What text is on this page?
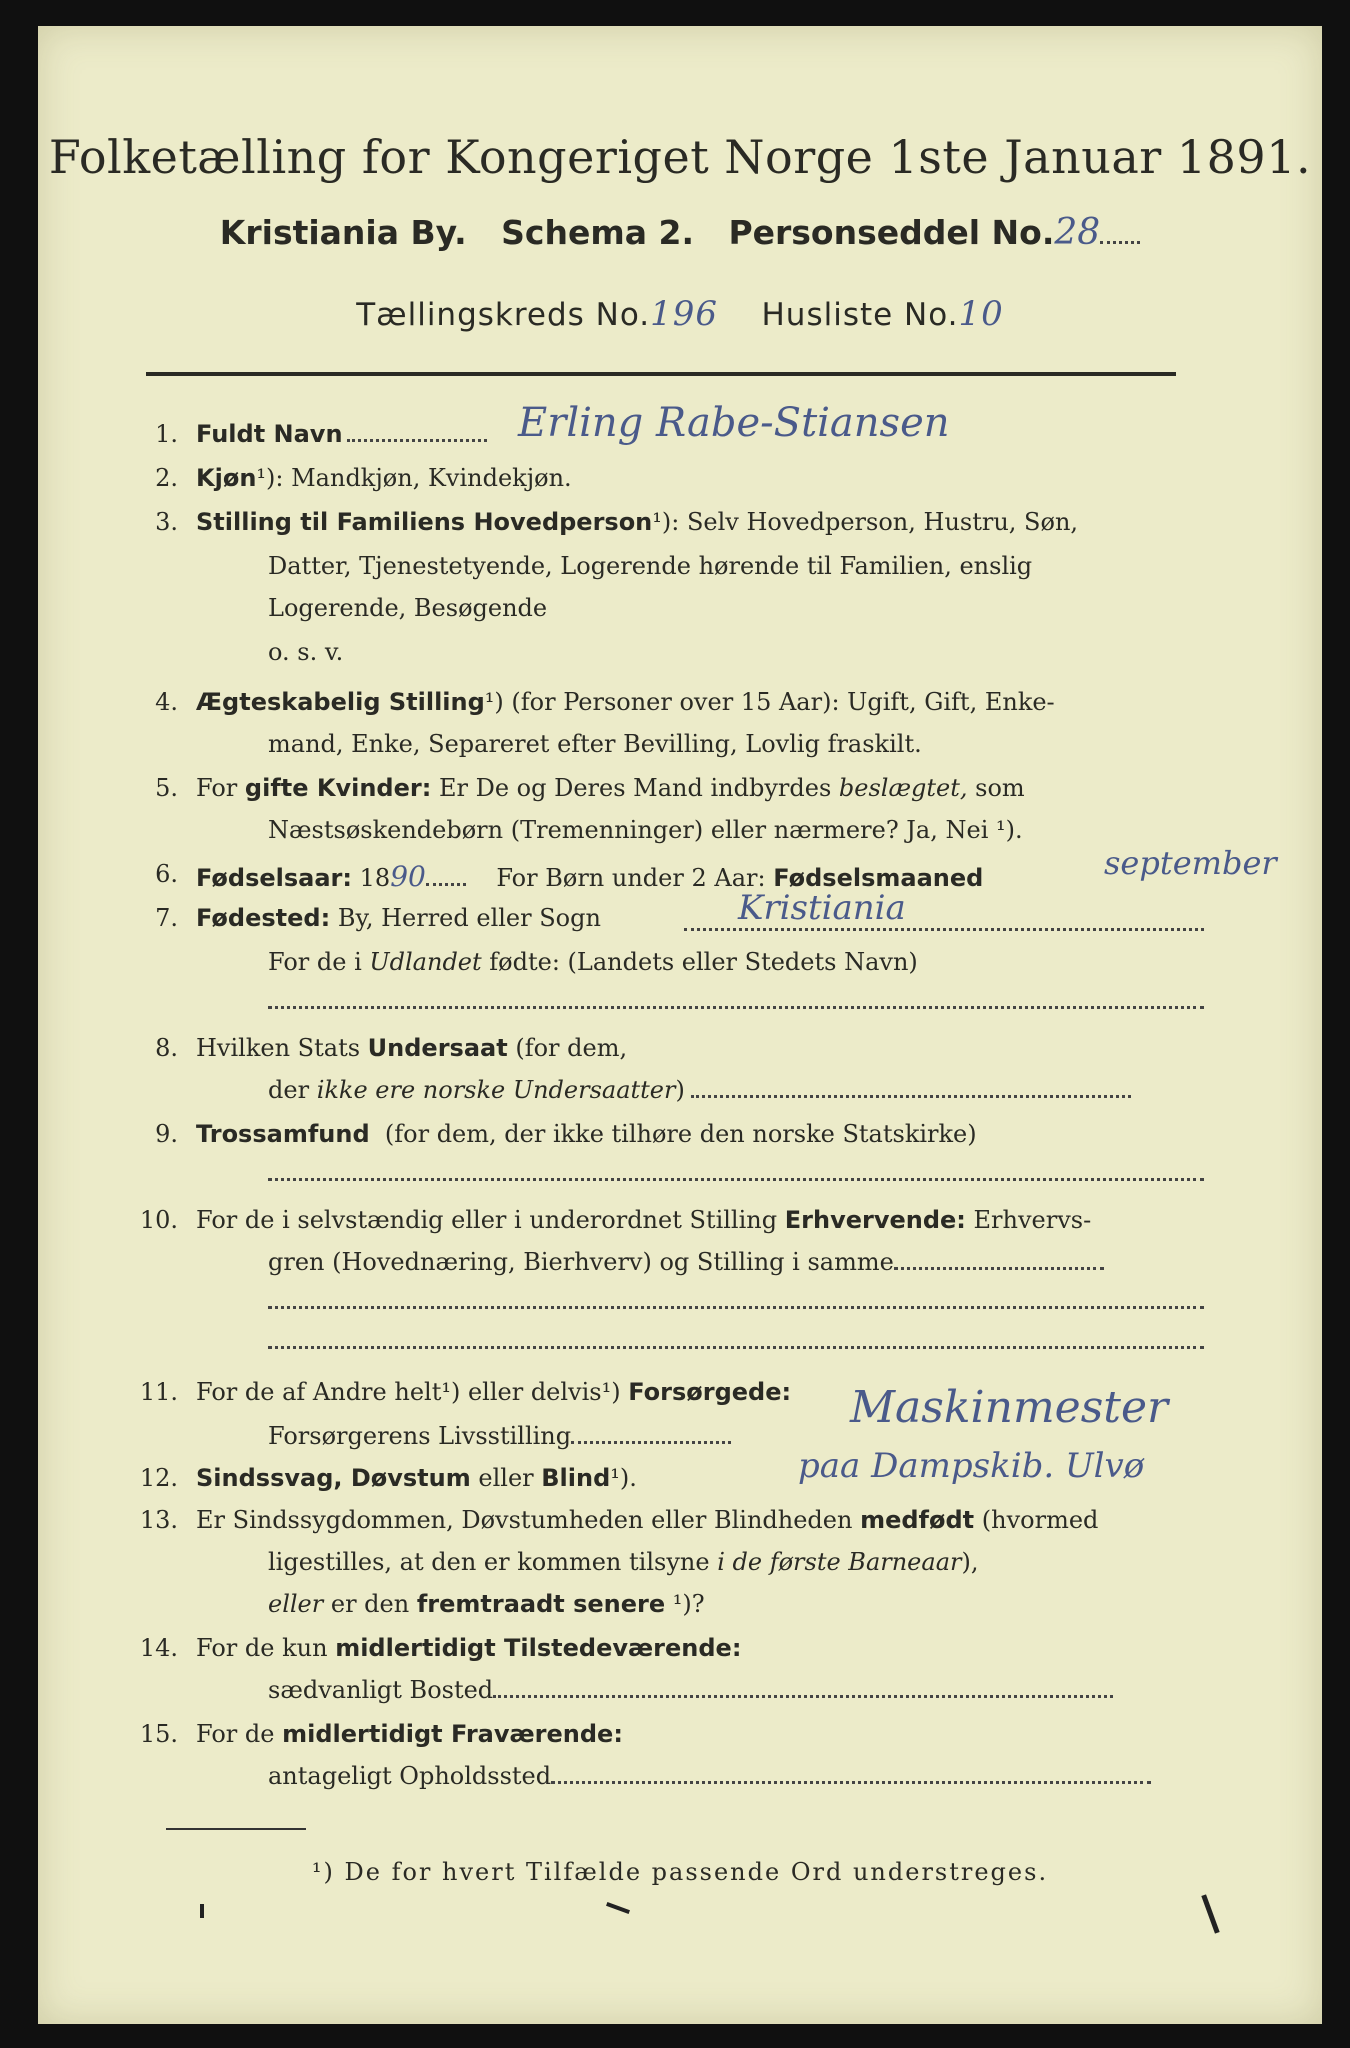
Folketælling for Kongeriget Norge 1ste Januar 1891.
Kristiania By. Schema 2. Personseddel No.28
Tællingskreds No.196 Husliste No.10
1. Fuldt Navn	Erling Rabe-Stiansen
2. Kjøn¹): Mandkjøn, Kvindekjøn.
3. Stilling til Familiens Hovedperson¹): Selv Hovedperson, Hustru, Søn,
Datter, Tjenestetyende, Logerende hørende til Familien, enslig
Logerende, Besøgende
o. s. v.
4. Ægteskabelig Stilling¹) (for Personer over 15 Aar): Ugift, Gift, Enke-
mand, Enke, Separeret efter Bevilling, Lovlig fraskilt.
5. For gifte Kvinder: Er De og Deres Mand indbyrdes beslægtet, som
Næstsøskendebørn (Tremenninger) eller nærmere? Ja, Nei ¹).
6. Fødselsaar: 1890	For Børn under 2 Aar: Fødselsmaaned	september
7. Fødested: By, Herred eller Sogn	Kristiania
For de i Udlandet fødte: (Landets eller Stedets Navn)
8. Hvilken Stats Undersaat (for dem,
der ikke ere norske Undersaatter)
9. Trossamfund (for dem, der ikke tilhøre den norske Statskirke)
10. For de i selvstændig eller i underordnet Stilling Erhvervende: Erhvervs-
gren (Hovednæring, Bierhverv) og Stilling i samme
11. For de af Andre helt¹) eller delvis¹) Forsørgede:
Forsørgerens Livsstilling
Maskinmester
12. Sindssvag, Døvstum eller Blind¹).	paa Dampskib. Ulvø
13. Er Sindssygdommen, Døvstumheden eller Blindheden medfødt (hvormed
ligestilles, at den er kommen tilsyne i de første Barneaar),
eller er den fremtraadt senere ¹)?
14. For de kun midlertidigt Tilstedeværende:
sædvanligt Bosted
15. For de midlertidigt Fraværende:
antageligt Opholdssted
¹) De for hvert Tilfælde passende Ord understreges.
